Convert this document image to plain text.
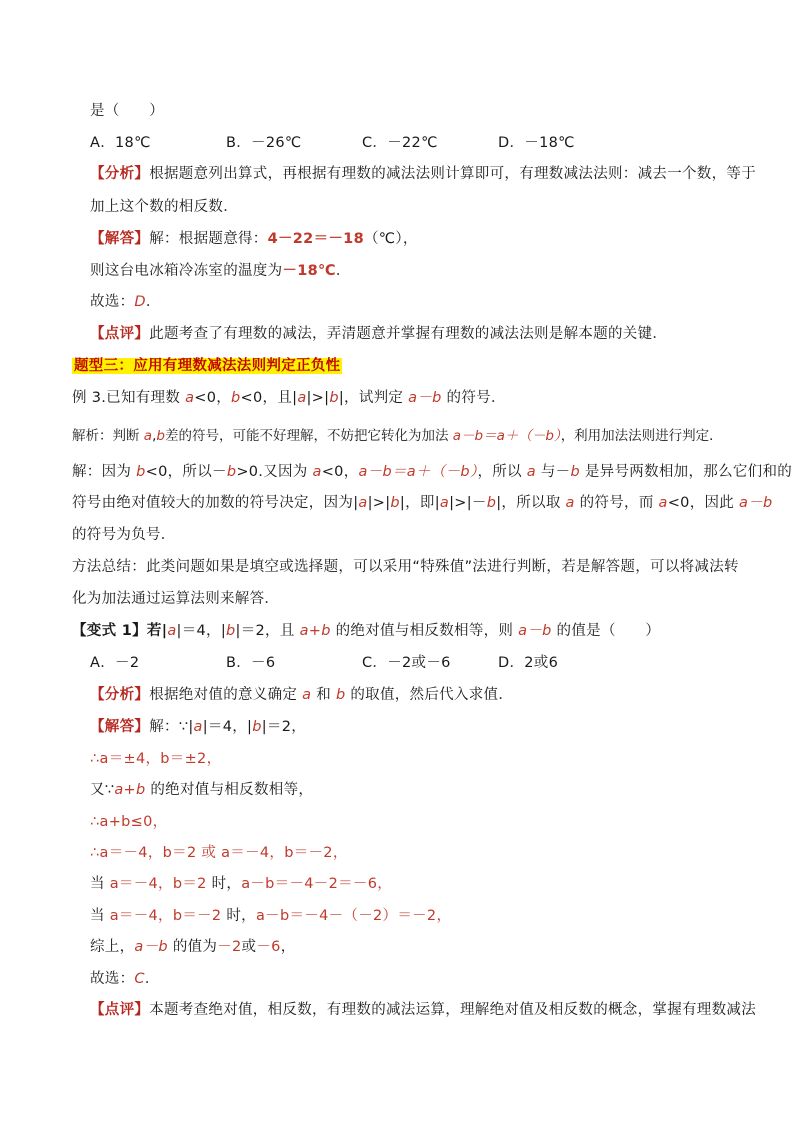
是（　　）
A．18℃	B．－26℃	C．－22℃	D．－18℃
【分析】根据题意列出算式，再根据有理数的减法法则计算即可，有理数减法法则：减去一个数，等于
加上这个数的相反数．
【解答】解：根据题意得：4－22＝－18（℃），
则这台电冰箱冷冻室的温度为－18℃．
故选：D．
【点评】此题考查了有理数的减法，弄清题意并掌握有理数的减法法则是解本题的关键．
题型三：应用有理数减法法则判定正负性
例 3.已知有理数 a<0，b<0，且|a|>|b|，试判定 a－b 的符号．
解析：判断 a,b差的符号，可能不好理解，不妨把它转化为加法 a－b＝a＋（－b），利用加法法则进行判定．
解：因为 b<0，所以－b>0.又因为 a<0，a－b＝a＋（－b），所以 a 与－b 是异号两数相加，那么它们和的
符号由绝对值较大的加数的符号决定，因为|a|>|b|，即|a|>|－b|，所以取 a 的符号，而 a<0，因此 a－b
的符号为负号．
方法总结：此类问题如果是填空或选择题，可以采用“特殊值”法进行判断，若是解答题，可以将减法转
化为加法通过运算法则来解答．
【变式 1】若|a|＝4，|b|＝2，且 a+b 的绝对值与相反数相等，则 a－b 的值是（　　）
A．－2	B．－6	C．－2或－6	D．2或6
【分析】根据绝对值的意义确定 a 和 b 的取值，然后代入求值．
【解答】解：∵|a|＝4，|b|＝2，
∴a＝±4，b＝±2，
又∵a+b 的绝对值与相反数相等，
∴a+b≤0，
∴a＝－4，b＝2 或 a＝－4，b＝－2，
当 a＝－4，b＝2 时，a－b＝－4－2＝－6，
当 a＝－4，b＝－2 时，a－b＝－4－（－2）＝－2，
综上，a－b 的值为－2或－6，
故选：C．
【点评】本题考查绝对值，相反数，有理数的减法运算，理解绝对值及相反数的概念，掌握有理数减法
